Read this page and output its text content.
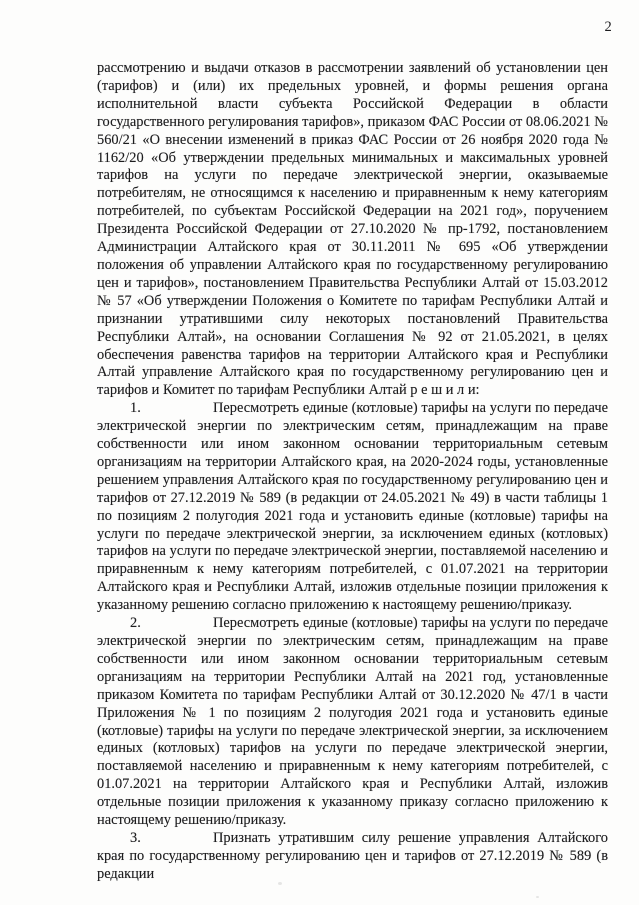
2

рассмотрению и выдачи отказов в рассмотрении заявлений об установлении цен (тарифов) и (или) их предельных уровней, и формы решения органа исполнительной власти субъекта Российской Федерации в области государственного регулирования тарифов», приказом ФАС России от 08.06.2021 № 560/21 «О внесении изменений в приказ ФАС России от 26 ноября 2020 года № 1162/20 «Об утверждении предельных минимальных и максимальных уровней тарифов на услуги по передаче электрической энергии, оказываемые потребителям, не относящимся к населению и приравненным к нему категориям потребителей, по субъектам Российской Федерации на 2021 год», поручением Президента Российской Федерации от 27.10.2020 № пр-1792, постановлением Администрации Алтайского края от 30.11.2011 № 695 «Об утверждении положения об управлении Алтайского края по государственному регулированию цен и тарифов», постановлением Правительства Республики Алтай от 15.03.2012 № 57 «Об утверждении Положения о Комитете по тарифам Республики Алтай и признании утратившими силу некоторых постановлений Правительства Республики Алтай», на основании Соглашения № 92 от 21.05.2021, в целях обеспечения равенства тарифов на территории Алтайского края и Республики Алтай управление Алтайского края по государственному регулированию цен и тарифов и Комитет по тарифам Республики Алтай р е ш и л и:

1.	Пересмотреть единые (котловые) тарифы на услуги по передаче электрической энергии по электрическим сетям, принадлежащим на праве собственности или ином законном основании территориальным сетевым организациям на территории Алтайского края, на 2020-2024 годы, установленные решением управления Алтайского края по государственному регулированию цен и тарифов от 27.12.2019 № 589 (в редакции от 24.05.2021 № 49) в части таблицы 1 по позициям 2 полугодия 2021 года и установить единые (котловые) тарифы на услуги по передаче электрической энергии, за исключением единых (котловых) тарифов на услуги по передаче электрической энергии, поставляемой населению и приравненным к нему категориям потребителей, с 01.07.2021 на территории Алтайского края и Республики Алтай, изложив отдельные позиции приложения к указанному решению согласно приложению к настоящему решению/приказу.

2.	Пересмотреть единые (котловые) тарифы на услуги по передаче электрической энергии по электрическим сетям, принадлежащим на праве собственности или ином законном основании территориальным сетевым организациям на территории Республики Алтай на 2021 год, установленные приказом Комитета по тарифам Республики Алтай от 30.12.2020 № 47/1 в части Приложения № 1 по позициям 2 полугодия 2021 года и установить единые (котловые) тарифы на услуги по передаче электрической энергии, за исключением единых (котловых) тарифов на услуги по передаче электрической энергии, поставляемой населению и приравненным к нему категориям потребителей, с 01.07.2021 на территории Алтайского края и Республики Алтай, изложив отдельные позиции приложения к указанному приказу согласно приложению к настоящему решению/приказу.

3.	Признать утратившим силу решение управления Алтайского края по государственному регулированию цен и тарифов от 27.12.2019 № 589 (в редакции
